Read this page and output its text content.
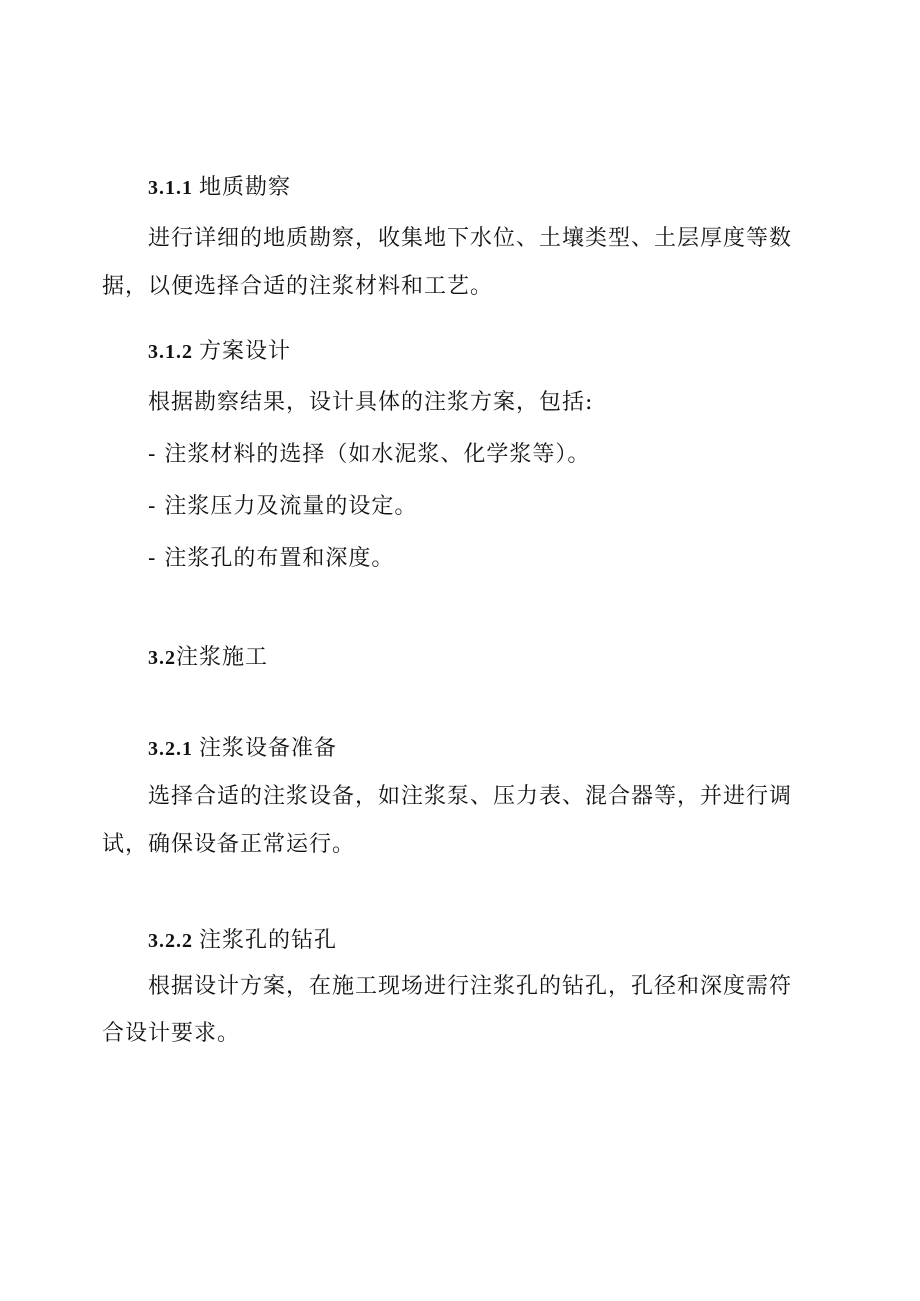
3.1.1 地质勘察
进行详细的地质勘察，收集地下水位、土壤类型、土层厚度等数
据，以便选择合适的注浆材料和工艺。
3.1.2 方案设计
根据勘察结果，设计具体的注浆方案，包括:
- 注浆材料的选择（如水泥浆、化学浆等）。
- 注浆压力及流量的设定。
- 注浆孔的布置和深度。
3.2注浆施工
3.2.1 注浆设备准备
选择合适的注浆设备，如注浆泵、压力表、混合器等，并进行调
试，确保设备正常运行。
3.2.2 注浆孔的钻孔
根据设计方案，在施工现场进行注浆孔的钻孔，孔径和深度需符
合设计要求。
